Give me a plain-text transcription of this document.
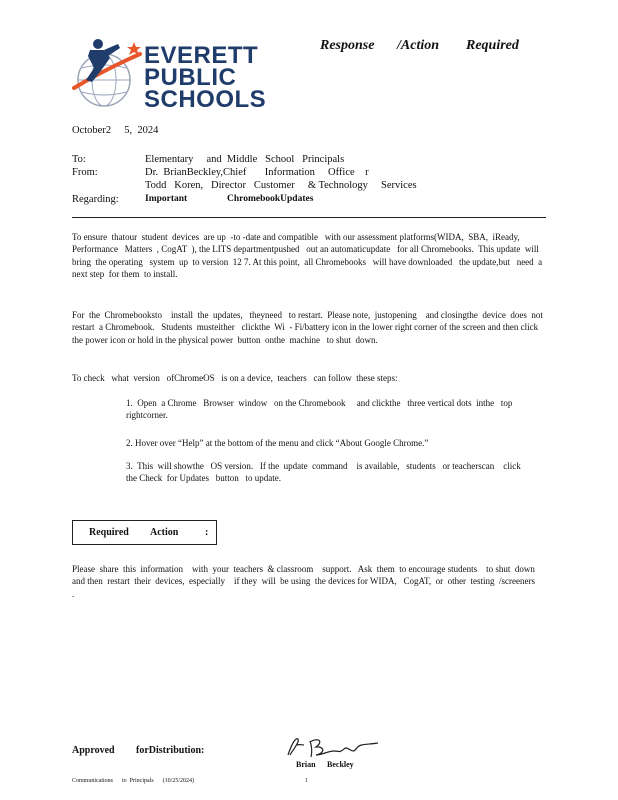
EVERETT
PUBLIC
SCHOOLS
Response /Action Required
October2     5,  2024
To:	Elementary     and  Middle   School   Principals
From:	Dr.  BrianBeckley,Chief       Information     Office    r
Todd   Koren,   Director   Customer     & Technology     Services
Regarding:	Important	ChromebookUpdates

To ensure  thatour  student  devices  are up  -to -date and compatible   with our assessment platforms(WIDA,  SBA,  iReady,  Performance   Matters  , CogAT  ), the LITS departmentpushed   out an automaticupdate   for all Chromebooks.  This update  will bring  the operating   system  up  to version  12 7. At this point,  all Chromebooks   will have downloaded   the update,but   need  a next step  for them  to install.

For  the  Chromebooksto    install  the  updates,   theyneed   to restart.  Please note,  justopening    and closingthe  device  does  not  restart  a Chromebook.   Students  musteither   clickthe  Wi  - Fi/battery icon in the lower right corner of the screen and then click the power icon or hold in the physical power  button  onthe  machine   to shut  down.

To check   what  version   ofChromeOS   is on a device,  teachers   can follow  these steps:

1.  Open  a Chrome   Browser  window   on the Chromebook     and clickthe   three vertical dots  inthe   top  rightcorner.

2. Hover over “Help” at the bottom of the menu and click “About Google Chrome.”

3.  This  will showthe   OS version.   If the  update  command    is available,   students   or teacherscan    click  the Check  for Updates   button   to update.

Required Action	:

Please  share  this  information    with  your  teachers  & classroom    support.   Ask  them  to encourage students    to shut  down  and then  restart  their  devices,  especially    if they  will  be using  the devices for WIDA,   CogAT,  or  other  testing  /screeners    .

Approved forDistribution:
Brian Beckley
Communications      to  Principals      (10/25/2024)	1
